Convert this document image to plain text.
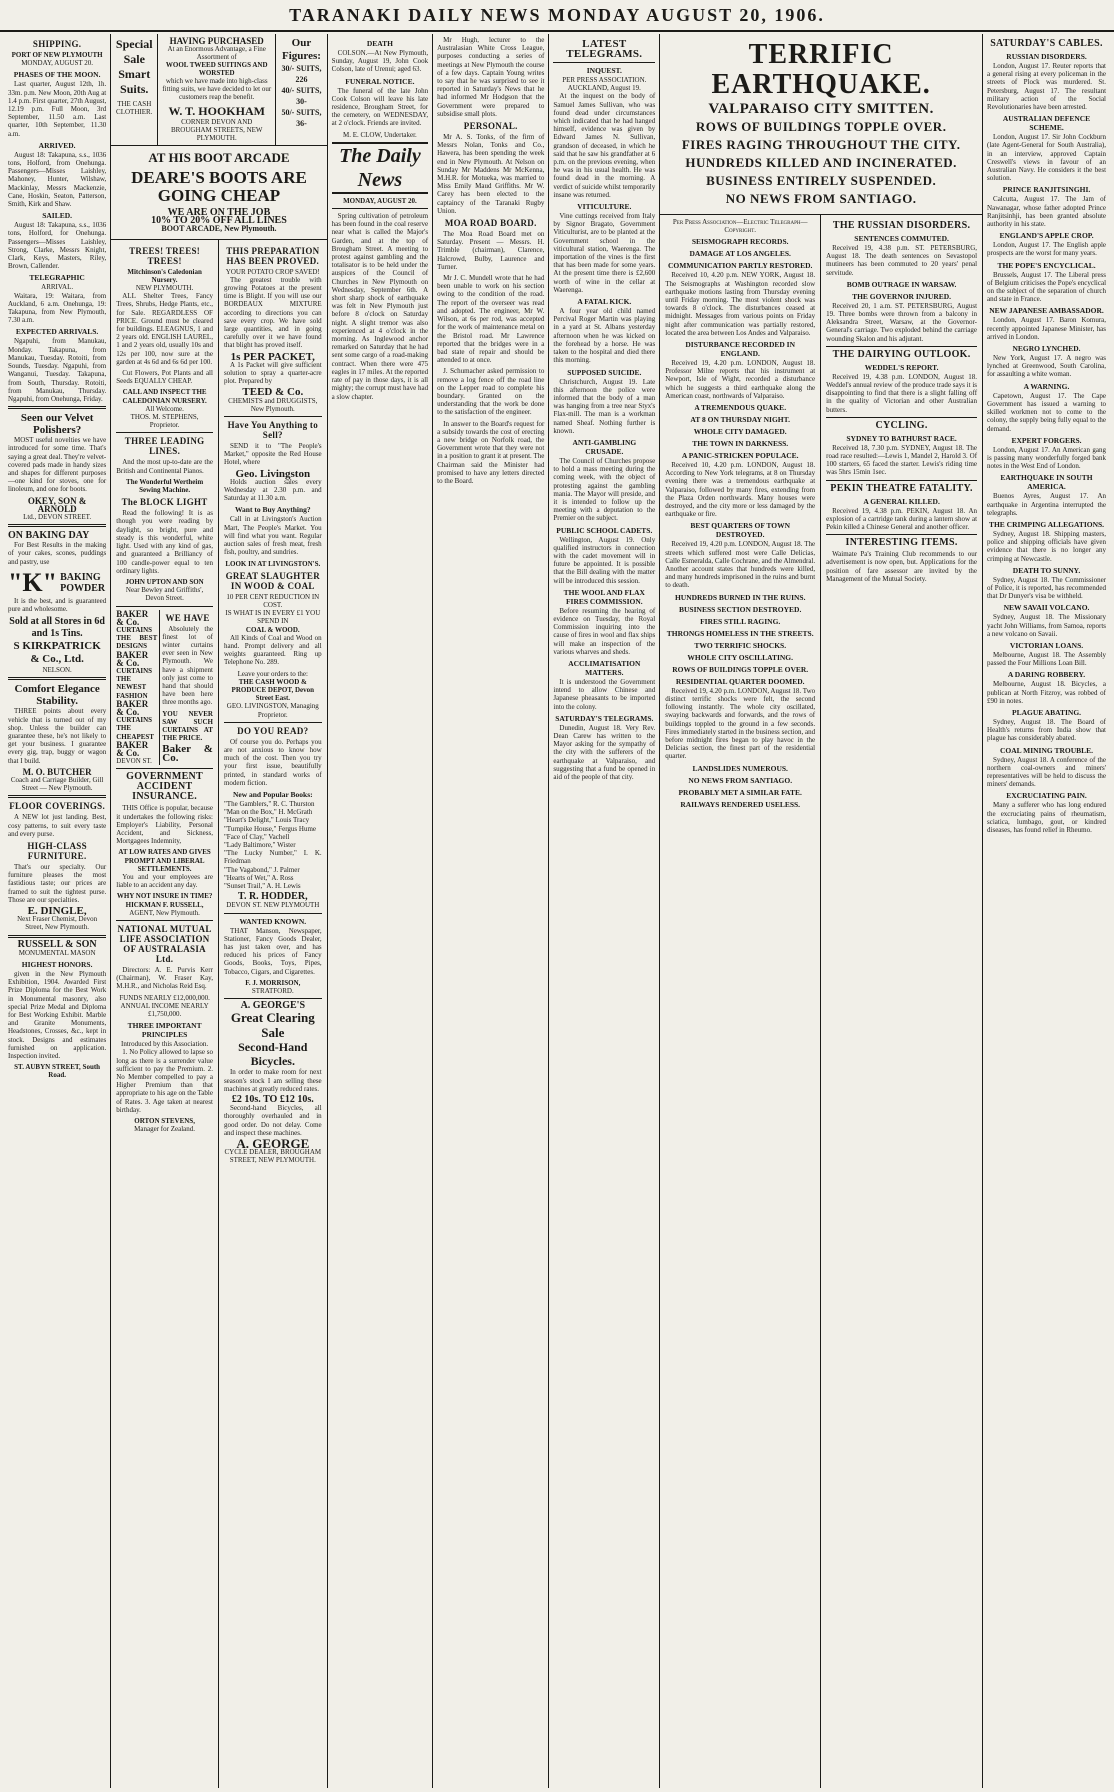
TARANAKI DAILY NEWS MONDAY AUGUST 20, 1906.
SHIPPING.
PORT OF NEW PLYMOUTH
MONDAY, AUGUST 20.
PHASES OF THE MOON.

Last quarter, August 12th, 1h. 33m. p.m. New Moon, 20th Aug at 1.4 p.m. First quarter, 27th August, 12.19 p.m. Full Moon, 3rd September, 11.50 a.m. Last quarter, 10th September, 11.30 a.m.

ARRIVED.

August 18: Takapuna, s.s., 1036 tons, Holford, from Onehunga. Passengers—Misses Laishley, Mahoney, Hunter, Wilshaw, Mackinlay, Messrs Mackenzie, Cane, Hoskin, Seaton, Patterson, Smith, Kirk and Shaw.

SAILED.

August 18: Takapuna, s.s., 1036 tons, Holford, for Onehunga. Passengers—Misses Laishley, Strong, Clarke, Messrs Knight, Clark, Keys, Masters, Riley, Brown, Callender.

TELEGRAPHIC
ARRIVAL.

Waitara, 19: Waitara, from Auckland, 6 a.m. Onehunga, 19: Takapuna, from New Plymouth, 7.30 a.m.

EXPECTED ARRIVALS.

Ngapuhi, from Manukau, Monday. Takapuna, from Manukau, Tuesday. Rotoiti, from Sounds, Tuesday. Ngapuhi, from Wanganui, Tuesday. Takapuna, from South, Thursday. Rotoiti, from Manukau, Thursday. Ngapuhi, from Onehunga, Friday.

Seen our Velvet Polishers?

MOST useful novelties we have introduced for some time. That's saying a great deal. They're velvet-covered pads made in handy sizes and shapes for different purposes—one kind for stoves, one for linoleum, and one for boots.

OKEY, SON & ARNOLD
Ltd., DEVON STREET.
ON BAKING DAY

For Best Results in the making of your cakes, scones, puddings and pastry, use

"K" BAKING POWDER

It is the best, and is guaranteed pure and wholesome.

Sold at all Stores in 6d and 1s Tins.
S KIRKPATRICK & Co., Ltd.
NELSON.
Comfort Elegance Stability.

THREE points about every vehicle that is turned out of my shop. Unless the builder can guarantee these, he's not likely to get your business. I guarantee every gig, trap, buggy or wagon that I build.

M. O. BUTCHER
Coach and Carriage Builder, Gill Street — New Plymouth.
FLOOR COVERINGS.

A NEW lot just landing. Best, cosy patterns, to suit every taste and every purse.

HIGH-CLASS FURNITURE.

That's our specialty. Our furniture pleases the most fastidious taste; our prices are framed to suit the tightest purse. Those are our specialties.

E. DINGLE,
Next Fraser Chemist, Devon Street, New Plymouth.
RUSSELL & SON
MONUMENTAL MASON
HIGHEST HONORS.

given in the New Plymouth Exhibition, 1904. Awarded First Prize Diploma for the Best Work in Monumental masonry, also special Prize Medal and Diploma for Best Working Exhibit. Marble and Granite Monuments, Headstones, Crosses, &c., kept in stock. Designs and estimates furnished on application. Inspection invited.

ST. AUBYN STREET, South Road.
Special Sale Smart Suits.
THE CASH CLOTHIER.
HAVING PURCHASED
At an Enormous Advantage, a Fine Assortment of
WOOL TWEED SUITINGS AND WORSTED
which we have made into high-class fitting suits, we have decided to let our customers reap the benefit.
W. T. HOOKHAM
CORNER DEVON AND BROUGHAM STREETS, NEW PLYMOUTH.
Our Figures:
30/- SUITS, 226
40/- SUITS, 30-
50/- SUITS, 36-
AT HIS BOOT ARCADE
DEARE'S BOOTS ARE GOING CHEAP
WE ARE ON THE JOB
10% TO 20% OFF ALL LINES
BOOT ARCADE, New Plymouth.
TREES! TREES! TREES!
Mitchinson's Caledonian Nursery.
NEW PLYMOUTH.

ALL Shelter Trees, Fancy Trees, Shrubs, Hedge Plants, etc., for Sale. REGARDLESS OF PRICE. Ground must be cleared for buildings. ELEAGNUS, 1 and 2 years old. ENGLISH LAUREL, 1 and 2 years old, usually 10s and 12s per 100, now sure at the garden at 4s 6d and 6s 6d per 100.

Cut Flowers, Pot Plants and all Seeds EQUALLY CHEAP.

CALL AND INSPECT THE CALEDONIAN NURSERY.
All Welcome.
THOS. M. STEPHENS, Proprietor.
THREE LEADING LINES.

And the most up-to-date are the British and Continental Pianos.

The Wonderful Wertheim Sewing Machine.
The BLOCK LIGHT

Read the following! It is as though you were reading by daylight, so bright, pure and steady is this wonderful, white light. Used with any kind of gas, and guaranteed a Brilliancy of 100 candle-power equal to ten ordinary lights.

JOHN UPTON AND SON
Near Bewley and Griffiths', Devon Street.
BAKER & Co.
CURTAINS THE BEST DESIGNS
BAKER & Co.
CURTAINS THE NEWEST FASHION
BAKER & Co.
CURTAINS THE CHEAPEST
BAKER & Co.
DEVON ST.
WE HAVE

Absolutely the finest lot of winter curtains ever seen in New Plymouth. We have a shipment only just come to hand that should have been here three months ago.

YOU NEVER SAW SUCH CURTAINS AT THE PRICE.
Baker & Co.
GOVERNMENT ACCIDENT INSURANCE.

THIS Office is popular, because it undertakes the following risks: Employer's Liability, Personal Accident, and Sickness, Mortgagees Indemnity,

AT LOW RATES AND GIVES PROMPT AND LIBERAL SETTLEMENTS.

You and your employees are liable to an accident any day.

WHY NOT INSURE IN TIME?
HICKMAN F. RUSSELL,
AGENT, New Plymouth.
NATIONAL MUTUAL LIFE ASSOCIATION OF AUSTRALASIA Ltd.

Directors: A. E. Purvis Kerr (Chairman), W. Fraser Kay, M.H.R., and Nicholas Reid Esq.

FUNDS NEARLY £12,000,000.
ANNUAL INCOME NEARLY £1,750,000.
THREE IMPORTANT PRINCIPLES
Introduced by this Association.

1. No Policy allowed to lapse so long as there is a surrender value sufficient to pay the Premium. 2. No Member compelled to pay a Higher Premium than that appropriate to his age on the Table of Rates. 3. Age taken at nearest birthday.

ORTON STEVENS,
Manager for Zealand.
THIS PREPARATION HAS BEEN PROVED.
YOUR POTATO CROP SAVED!

The greatest trouble with growing Potatoes at the present time is Blight. If you will use our BORDEAUX MIXTURE according to directions you can save every crop. We have sold large quantities, and in going carefully over it we have found that blight has proved itself.

1s PER PACKET,

A 1s Packet will give sufficient solution to spray a quarter-acre plot. Prepared by

TEED & Co.
CHEMISTS and DRUGGISTS, New Plymouth.
Have You Anything to Sell?

SEND it to "The People's Market," opposite the Red House Hotel, where

Geo. Livingston

Holds auction sales every Wednesday at 2.30 p.m. and Saturday at 11.30 a.m.

Want to Buy Anything?

Call in at Livingston's Auction Mart, The People's Market. You will find what you want. Regular auction sales of fresh meat, fresh fish, poultry, and sundries.

LOOK IN AT LIVINGSTON'S.
GREAT SLAUGHTER IN WOOD & COAL
10 PER CENT REDUCTION IN COST.
IS WHAT IS IN EVERY £1 YOU SPEND IN
COAL & WOOD.

All Kinds of Coal and Wood on hand. Prompt delivery and all weights guaranteed. Ring up Telephone No. 289.

Leave your orders to the:
THE CASH WOOD & PRODUCE DEPOT, Devon Street East.
GEO. LIVINGSTON, Managing Proprietor.
DO YOU READ?

Of course you do. Perhaps you are not anxious to know how much of the cost. Then you try your first issue, beautifully printed, in standard works of modern fiction.

New and Popular Books:
"The Gamblers," R. C. Thurston
"Man on the Box," H. McGrath
"Heart's Delight," Louis Tracy
"Turnpike House," Fergus Hume
"Face of Clay," Vachell
"Lady Baltimore," Wister
"The Lucky Number," I. K. Friedman
"The Vagabond," J. Palmer
"Hearts of Wet," A. Ross
"Sunset Trail," A. H. Lewis
T. R. HODDER,
DEVON ST. NEW PLYMOUTH
WANTED KNOWN.

THAT Manson, Newspaper, Stationer, Fancy Goods Dealer, has just taken over, and has reduced his prices of Fancy Goods, Books, Toys, Pipes, Tobacco, Cigars, and Cigarettes.

F. J. MORRISON,
STRATFORD.
A. GEORGE'S
Great Clearing Sale
Second-Hand Bicycles.

In order to make room for next season's stock I am selling these machines at greatly reduced rates.

£2 10s. TO £12 10s.

Second-hand Bicycles, all thoroughly overhauled and in good order. Do not delay. Come and inspect these machines.

A. GEORGE
CYCLE DEALER, BROUGHAM STREET, NEW PLYMOUTH.
DEATH

COLSON.—At New Plymouth, Sunday, August 19, John Cook Colson, late of Urenui; aged 63.

FUNERAL NOTICE.

The funeral of the late John Cook Colson will leave his late residence, Brougham Street, for the cemetery, on WEDNESDAY, at 2 o'clock. Friends are invited.

M. E. CLOW, Undertaker.
The Daily News
MONDAY, AUGUST 20.

Spring cultivation of petroleum has been found in the coal reserve near what is called the Major's Garden, and at the top of Brougham Street. A meeting to protest against gambling and the totalisator is to be held under the auspices of the Council of Churches in New Plymouth on Wednesday, September 6th. A short sharp shock of earthquake was felt in New Plymouth just before 8 o'clock on Saturday night. A slight tremor was also experienced at 4 o'clock in the morning. As Inglewood anchor remarked on Saturday that he had sent some cargo of a road-making contract. When there were 475 eagles in 17 miles. At the reported rate of pay in those days, it is all mighty; the corrupt must have had a slow chapter.

Mr Hugh, lecturer to the Australasian White Cross League, purposes conducting a series of meetings at New Plymouth the course of a few days. Captain Young writes to say that he was surprised to see it reported in Saturday's News that he had informed Mr Hodgson that the Government were prepared to subsidise small plots.

PERSONAL.

Mr A. S. Tonks, of the firm of Messrs Nolan, Tonks and Co., Hawera, has been spending the week end in New Plymouth. At Nelson on Sunday Mr Maddens Mr McKenna, M.H.R. for Motueka, was married to Miss Emily Maud Griffiths. Mr W. Carey has been elected to the captaincy of the Taranaki Rugby Union.

MOA ROAD BOARD.

The Moa Road Board met on Saturday. Present — Messrs. H. Trimble (chairman), Clarence, Halcrowd, Bulby, Laurence and Turner.

Mr J. C. Mundell wrote that he had been unable to work on his section owing to the condition of the road. The report of the overseer was read and adopted. The engineer, Mr W. Wilson, at 6s per rod, was accepted for the work of maintenance metal on the Bristol road. Mr Lawrence reported that the bridges were in a bad state of repair and should be attended to at once.

J. Schumacher asked permission to remove a log fence off the road line on the Lepper road to complete his boundary. Granted on the understanding that the work be done to the satisfaction of the engineer.

In answer to the Board's request for a subsidy towards the cost of erecting a new bridge on Norfolk road, the Government wrote that they were not in a position to grant it at present. The Chairman said the Minister had promised to have any letters directed to the Board.

LATEST TELEGRAMS.
INQUEST.
PER PRESS ASSOCIATION.
AUCKLAND, August 19.

At the inquest on the body of Samuel James Sullivan, who was found dead under circumstances which indicated that he had hanged himself, evidence was given by Edward James N. Sullivan, grandson of deceased, in which he said that he saw his grandfather at 6 p.m. on the previous evening, when he was in his usual health. He was found dead in the morning. A verdict of suicide whilst temporarily insane was returned.

VITICULTURE.

Vine cuttings received from Italy by Signor Bragato, Government Viticulturist, are to be planted at the Government school in the viticultural station, Waerenga. The importation of the vines is the first that has been made for some years. At the present time there is £2,600 worth of wine in the cellar at Waerenga.

A FATAL KICK.

A four year old child named Percival Roger Martin was playing in a yard at St. Albans yesterday afternoon when he was kicked on the forehead by a horse. He was taken to the hospital and died there this morning.

SUPPOSED SUICIDE.

Christchurch, August 19. Late this afternoon the police were informed that the body of a man was hanging from a tree near Styx's Flax-mill. The man is a workman named Sheaf. Nothing further is known.

ANTI-GAMBLING CRUSADE.

The Council of Churches propose to hold a mass meeting during the coming week, with the object of protesting against the gambling mania. The Mayor will preside, and it is intended to follow up the meeting with a deputation to the Premier on the subject.

PUBLIC SCHOOL CADETS.

Wellington, August 19. Only qualified instructors in connection with the cadet movement will in future be appointed. It is possible that the Bill dealing with the matter will be introduced this session.

THE WOOL AND FLAX FIRES COMMISSION.

Before resuming the hearing of evidence on Tuesday, the Royal Commission inquiring into the cause of fires in wool and flax ships will make an inspection of the various wharves and sheds.

ACCLIMATISATION MATTERS.

It is understood the Government intend to allow Chinese and Japanese pheasants to be imported into the colony.

SATURDAY'S TELEGRAMS.

Dunedin, August 18. Very Rev. Dean Carew has written to the Mayor asking for the sympathy of the city with the sufferers of the earthquake at Valparaiso, and suggesting that a fund be opened in aid of the people of that city.

TERRIFIC EARTHQUAKE.
VALPARAISO CITY SMITTEN.
ROWS OF BUILDINGS TOPPLE OVER.
FIRES RAGING THROUGHOUT THE CITY.
HUNDREDS KILLED AND INCINERATED.
BUSINESS ENTIRELY SUSPENDED.
NO NEWS FROM SANTIAGO.
Per Press Association—Electric Telegraph—Copyright.
SEISMOGRAPH RECORDS.
DAMAGE AT LOS ANGELES.
COMMUNICATION PARTLY RESTORED.

Received 10, 4.20 p.m. NEW YORK, August 18. The Seismographs at Washington recorded slow earthquake motions lasting from Thursday evening until Friday morning. The most violent shock was towards 8 o'clock. The disturbances ceased at midnight. Messages from various points on Friday night after communication was partially restored, located the area between Los Andes and Valparaiso.

DISTURBANCE RECORDED IN ENGLAND.

Received 19, 4.20 p.m. LONDON, August 18. Professor Milne reports that his instrument at Newport, Isle of Wight, recorded a disturbance which he suggests a third earthquake along the American coast, northwards of Valparaiso.

A TREMENDOUS QUAKE.
AT 8 ON THURSDAY NIGHT.
WHOLE CITY DAMAGED.
THE TOWN IN DARKNESS.
A PANIC-STRICKEN POPULACE.

Received 10, 4.20 p.m. LONDON, August 18. According to New York telegrams, at 8 on Thursday evening there was a tremendous earthquake at Valparaiso, followed by many fires, extending from the Plaza Orden northwards. Many houses were destroyed, and the city more or less damaged by the earthquake or fire.

BEST QUARTERS OF TOWN DESTROYED.

Received 19, 4.20 p.m. LONDON, August 18. The streets which suffered most were Calle Delicias, Calle Esmeralda, Calle Cochrane, and the Almendral. Another account states that hundreds were killed, and many hundreds imprisoned in the ruins and burnt to death.

HUNDREDS BURNED IN THE RUINS.
BUSINESS SECTION DESTROYED.
FIRES STILL RAGING.
THRONGS HOMELESS IN THE STREETS.
TWO TERRIFIC SHOCKS.
WHOLE CITY OSCILLATING.
ROWS OF BUILDINGS TOPPLE OVER.
RESIDENTIAL QUARTER DOOMED.

Received 19, 4.20 p.m. LONDON, August 18. Two distinct terrific shocks were felt, the second following instantly. The whole city oscillated, swaying backwards and forwards, and the rows of buildings toppled to the ground in a few seconds. Fires immediately started in the business section, and before midnight fires began to play havoc in the Delicias section, the finest part of the residential quarter.

LANDSLIDES NUMEROUS.
NO NEWS FROM SANTIAGO.
PROBABLY MET A SIMILAR FATE.
RAILWAYS RENDERED USELESS.
THE RUSSIAN DISORDERS.
SENTENCES COMMUTED.

Received 19, 4.38 p.m. ST. PETERSBURG, August 18. The death sentences on Sevastopol mutineers has been commuted to 20 years' penal servitude.

BOMB OUTRAGE IN WARSAW.
THE GOVERNOR INJURED.

Received 20, 1 a.m. ST. PETERSBURG, August 19. Three bombs were thrown from a balcony in Aleksandra Street, Warsaw, at the Governor-General's carriage. Two exploded behind the carriage wounding Skalon and his adjutant.

THE DAIRYING OUTLOOK.
WEDDEL'S REPORT.

Received 19, 4.38 p.m. LONDON, August 18. Weddel's annual review of the produce trade says it is disappointing to find that there is a slight falling off in the quality of Victorian and other Australian butters.

CYCLING.
SYDNEY TO BATHURST RACE.

Received 18, 7.30 p.m. SYDNEY, August 18. The road race resulted:—Lewis 1, Mandel 2, Harold 3. Of 100 starters, 65 faced the starter. Lewis's riding time was 5hrs 15min 1sec.

PEKIN THEATRE FATALITY.
A GENERAL KILLED.

Received 19, 4.38 p.m. PEKIN, August 18. An explosion of a cartridge tank during a lantern show at Pekin killed a Chinese General and another officer.

INTERESTING ITEMS.

Waimate Pa's Training Club recommends to our advertisement is now open, but. Applications for the position of fare assessor are invited by the Management of the Mutual Society.

SATURDAY'S CABLES.
RUSSIAN DISORDERS.

London, August 17. Reuter reports that a general rising at every policeman in the streets of Plock was murdered. St. Petersburg, August 17. The resultant military action of the Social Revolutionaries have been arrested.

AUSTRALIAN DEFENCE SCHEME.

London, August 17. Sir John Cockburn (late Agent-General for South Australia), in an interview, approved Captain Creswell's views in favour of an Australian Navy. He considers it the best solution.

PRINCE RANJITSINGHI.

Calcutta, August 17. The Jam of Nawanagar, whose father adopted Prince Ranjitsinhji, has been granted absolute authority in his state.

ENGLAND'S APPLE CROP.

London, August 17. The English apple prospects are the worst for many years.

THE POPE'S ENCYCLICAL.

Brussels, August 17. The Liberal press of Belgium criticises the Pope's encyclical on the subject of the separation of church and state in France.

NEW JAPANESE AMBASSADOR.

London, August 17. Baron Komura, recently appointed Japanese Minister, has arrived in London.

NEGRO LYNCHED.

New York, August 17. A negro was lynched at Greenwood, South Carolina, for assaulting a white woman.

A WARNING.

Capetown, August 17. The Cape Government has issued a warning to skilled workmen not to come to the colony, the supply being fully equal to the demand.

EXPERT FORGERS.

London, August 17. An American gang is passing many wonderfully forged bank notes in the West End of London.

EARTHQUAKE IN SOUTH AMERICA.

Buenos Ayres, August 17. An earthquake in Argentina interrupted the telegraphs.

THE CRIMPING ALLEGATIONS.

Sydney, August 18. Shipping masters, police and shipping officials have given evidence that there is no longer any crimping at Newcastle.

DEATH TO SUNNY.

Sydney, August 18. The Commissioner of Police, it is reported, has recommended that Dr Dunyer's visa be withheld.

NEW SAVAII VOLCANO.

Sydney, August 18. The Missionary yacht John Williams, from Samoa, reports a new volcano on Savaii.

VICTORIAN LOANS.

Melbourne, August 18. The Assembly passed the Four Millions Loan Bill.

A DARING ROBBERY.

Melbourne, August 18. Bicycles, a publican at North Fitzroy, was robbed of £90 in notes.

PLAGUE ABATING.

Sydney, August 18. The Board of Health's returns from India show that plague has considerably abated.

COAL MINING TROUBLE.

Sydney, August 18. A conference of the northern coal-owners and miners' representatives will be held to discuss the miners' demands.

EXCRUCIATING PAIN.

Many a sufferer who has long endured the excruciating pains of rheumatism, sciatica, lumbago, gout, or kindred diseases, has found relief in Rheumo.
